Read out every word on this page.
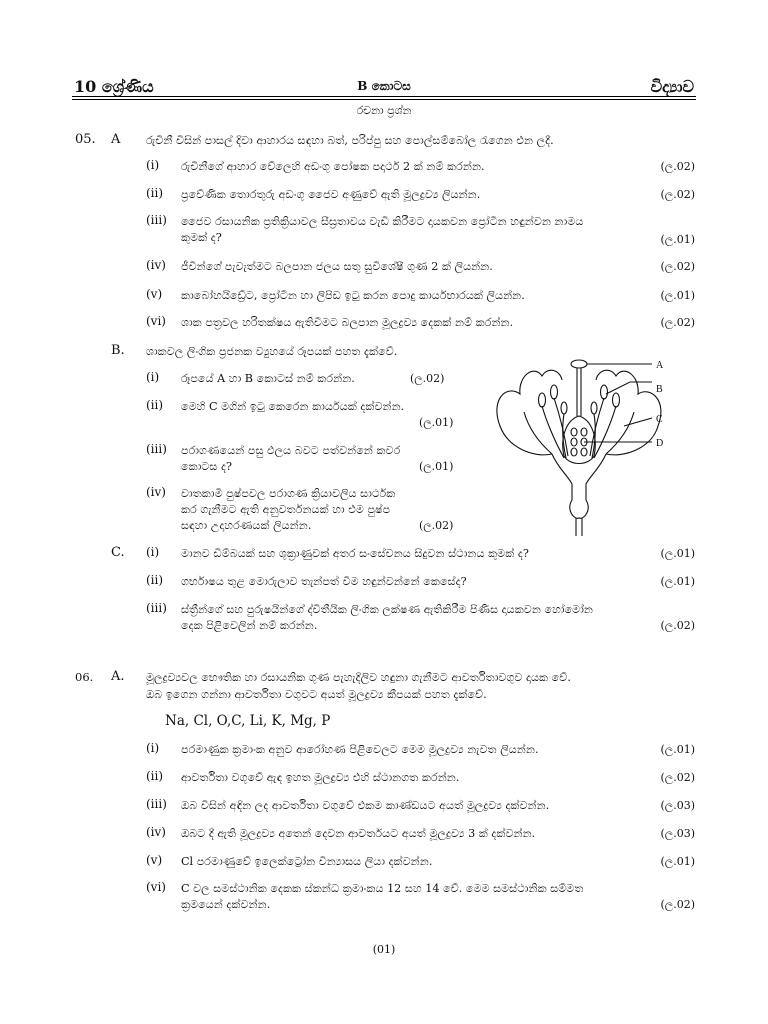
10 ශ්‍රේණිය	B කොටස	විද්‍යාව
රචනා ප්‍රශ්න
05. A රුචිනී විසින් පාසල් දිවා ආහාරය සඳහා බත්, පරිප්පු සහ පොල්සම්බෝල රැගෙන එන ලදී.
(i) රුචිනීගේ ආහාර වේලෙහි අඩංගු පෝෂක පදාර්ථ 2 ක් නම් කරන්න.	(ල.02)
(ii) ප්‍රවේණික තොරතුරු අඩංගු ජෛව අණුවේ ඇති මූලද්‍රව්‍ය ලියන්න.	(ල.02)
(iii) ජෛව රසායනික ප්‍රතික්‍රියාවල සීඝ්‍රතාවය වැඩි කිරීමට දායකවන ප්‍රෝටීන හඳුන්වන නාමය
කුමක් ද?	(ල.01)
(iv) ජීවීන්ගේ පැවැත්මට බලපාන ජලය සතු සුවිශේෂී ගුණ 2 ක් ලියන්න.	(ල.02)
(v) කාබෝහයිඩ්‍රේට, ප්‍රෝටීන හා ලිපිඩ ඉටු කරන පොදු කාර්යභාරයක් ලියන්න.	(ල.01)
(vi) ශාක පත්‍රවල හරිතක්ෂය ඇතිවීමට බලපාන මූලද්‍රව්‍ය දෙකක් නම් කරන්න.	(ල.02)
B. ශාකවල ලිංගික ප්‍රජනක ව්‍යුහයේ රූපයක් පහත දැක්වේ.
(i) රූපයේ A හා B කොටස් නම් කරන්න.	(ල.02)
(ii) මෙහි C මගින් ඉටු කෙරෙන කාර්යයක් දක්වන්න.
(ල.01)
(iii) පරාගණයෙන් පසු ඵලය බවට පත්වන්නේ කවර
කොටස ද?	(ල.01)
(iv) වාතකාමී පුෂ්පවල පරාගණ ක්‍රියාවලිය සාර්ථක
කර ගැනීමට ඇති අනුවර්තනයක් හා එම පුෂ්ප
සඳහා උදාහරණයක් ලියන්න.	(ල.02)
A
B
C
D
C. (i) මානව ඩිම්බයක් සහ ශුක්‍රාණුවක් අතර සංසේචනය සිදුවන ස්ථානය කුමක් ද?	(ල.01)
(ii) ගර්භාෂය තුළ මොරුලාව තැන්පත් වීම හඳුන්වන්නේ කෙසේද?	(ල.01)
(iii) ස්ත්‍රීන්ගේ සහ පුරුෂයින්ගේ ද්විතීයික ලිංගික ලක්ෂණ ඇතිකිරීම පිණිස දායකවන හෝමෝන
දෙක පිළිවෙලින් නම් කරන්න.	(ල.02)
06. A. මූලද්‍රව්‍යවල භෞතික හා රසායනික ගුණ පැහැදිලිව හඳුනා ගැනීමට ආවර්තිතාවගුව දායක වේ.
ඔබ ඉගෙන ගන්නා ආවර්තිතා වගුවට අයත් මූලද්‍රව්‍ය කීපයක් පහත දැක්වේ.
Na, Cl, O,C, Li, K, Mg, P
(i) පරමාණුක ක්‍රමාංක අනුව ආරෝහණ පිළිවෙලට මෙම මූලද්‍රව්‍ය නැවත ලියන්න.	(ල.01)
(ii) ආවර්තිතා වගුවේ ඇඳ ඉහත මූලද්‍රව්‍ය එහි ස්ථානගත කරන්න.	(ල.02)
(iii) ඔබ විසින් අඳින ලද ආවර්තිතා වගුවේ එකම කාණ්ඩයට අයත් මූලද්‍රව්‍ය දක්වන්න.	(ල.03)
(iv) ඔබට දී ඇති මූලද්‍රව්‍ය අතෙන් දෙවන ආවර්තයට අයත් මූලද්‍රව්‍ය 3 ක් දක්වන්න.	(ල.03)
(v) Cl පරමාණුවේ ඉලෙක්ට්‍රෝන වින්‍යාසය ලියා දක්වන්න.	(ල.01)
(vi) C වල සමස්ථානික දෙකක ස්කන්ධ ක්‍රමාංකය 12 සහ 14 වේ. මෙම සමස්ථානික සම්මත
ක්‍රමයෙන් දක්වන්න.	(ල.02)
(01)
